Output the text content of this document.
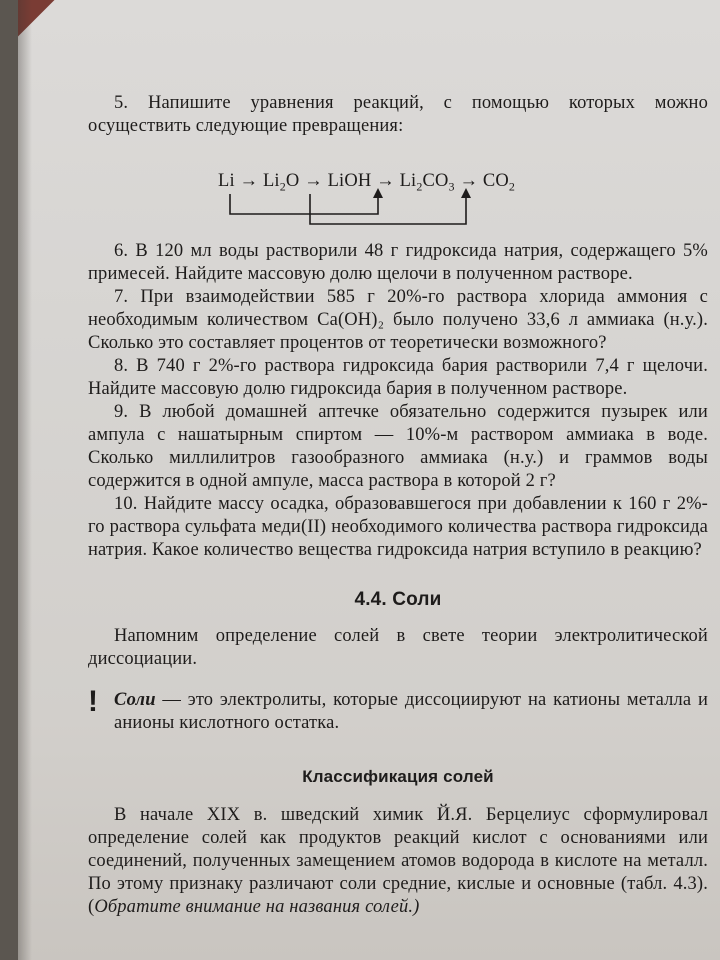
5. Напишите уравнения реакций, с помощью которых можно осуществить следующие превращения:

$Li \to Li_2O$ → LiOH → $Li_2CO_3 \to CO_2$

6. В 120 мл воды растворили 48 г гидроксида натрия, содержащего 5% примесей. Найдите массовую долю щелочи в полученном растворе.

7. При взаимодействии 585 г 20%-го раствора хлорида аммония с необходимым количеством Ca(OH)₂ было получено 33,6 л аммиака (н.у.). Сколько это составляет процентов от теоретически возможного?

8. В 740 г 2%-го раствора гидроксида бария растворили 7,4 г щелочи. Найдите массовую долю гидроксида бария в полученном растворе.

9. В любой домашней аптечке обязательно содержится пузырек или ампула с нашатырным спиртом — 10%-м раствором аммиака в воде. Сколько миллилитров газообразного аммиака (н.у.) и граммов воды содержится в одной ампуле, масса раствора в которой 2 г?

10. Найдите массу осадка, образовавшегося при добавлении к 160 г 2%-го раствора сульфата меди(II) необходимого количества раствора гидроксида натрия. Какое количество вещества гидроксида натрия вступило в реакцию?

4.4. Соли

Напомним определение солей в свете теории электролитической диссоциации.

! Соли — это электролиты, которые диссоциируют на катионы металла и анионы кислотного остатка.
Классификация солей

В начале XIX в. шведский химик Й.Я. Берцелиус сформулировал определение солей как продуктов реакций кислот с основаниями или соединений, полученных замещением атомов водорода в кислоте на металл. По этому признаку различают соли средние, кислые и основные (табл. 4.3). (Обратите внимание на названия солей.)
